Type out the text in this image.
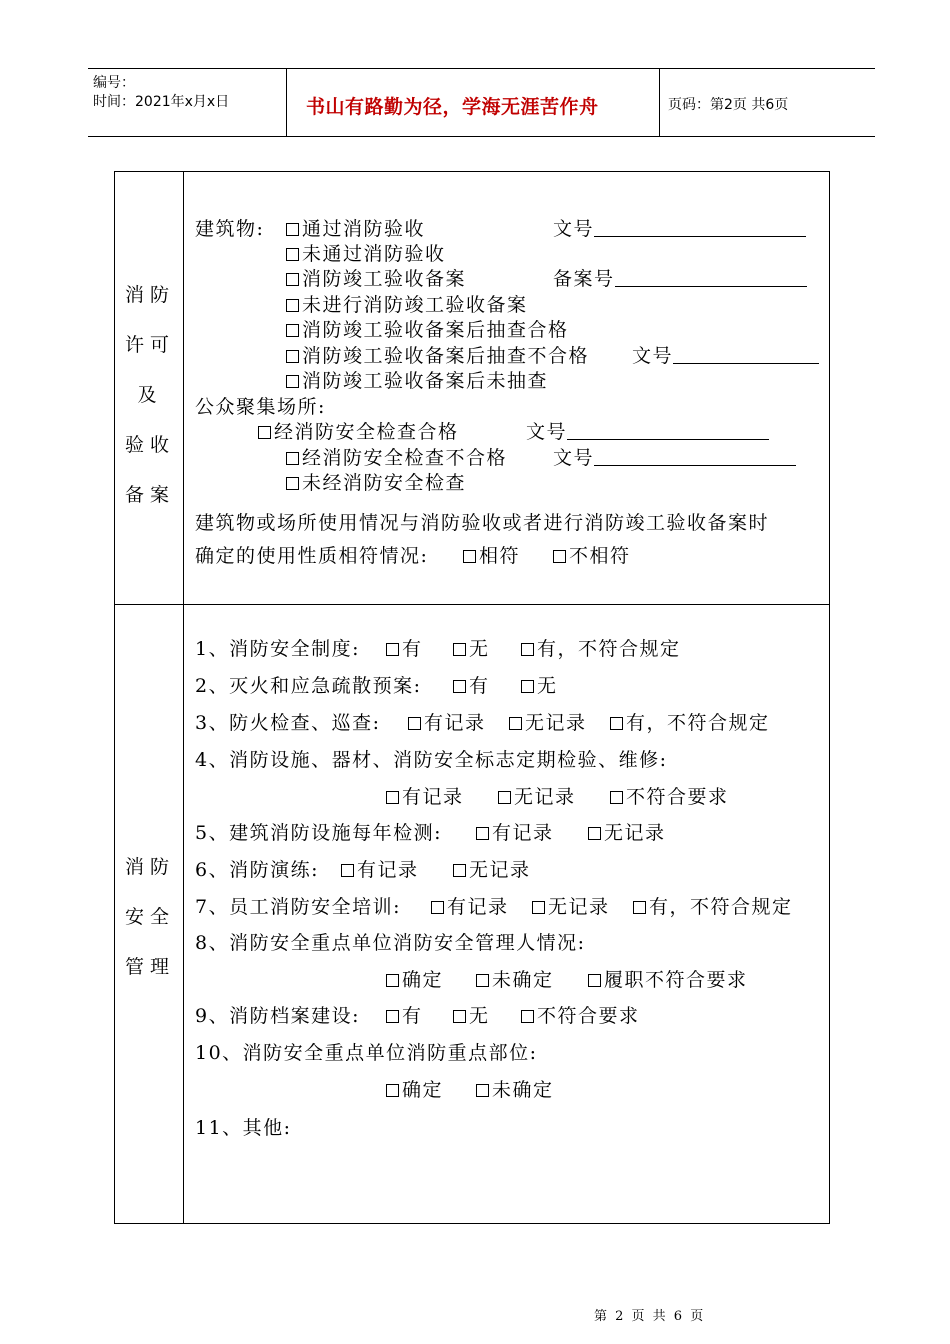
编号：
时间：2021年x月x日	书山有路勤为径，学海无涯苦作舟	页码：第2页 共6页
消防
许可
及
验收
备案
建筑物:	通过消防验收	文号
未通过消防验收
消防竣工验收备案	备案号
未进行消防竣工验收备案
消防竣工验收备案后抽查合格
消防竣工验收备案后抽查不合格 文号
消防竣工验收备案后未抽查
公众聚集场所:
经消防安全检查合格	文号
经消防安全检查不合格 文号
未经消防安全检查
建筑物或场所使用情况与消防验收或者进行消防竣工验收备案时
确定的使用性质相符情况:	相符	不相符
消防
安全
管理
1、消防安全制度:	有	无	有，不符合规定
2、灭火和应急疏散预案:	有	无
3、防火检查、巡查:	有记录	无记录	有，不符合规定
4、消防设施、器材、消防安全标志定期检验、维修:
有记录	无记录	不符合要求
5、建筑消防设施每年检测:	有记录	无记录
6、消防演练:	有记录	无记录
7、员工消防安全培训:	有记录	无记录	有，不符合规定
8、消防安全重点单位消防安全管理人情况:
确定	未确定	履职不符合要求
9、消防档案建设:	有	无	不符合要求
10、消防安全重点单位消防重点部位:
确定	未确定
11、其他:
第 2 页 共 6 页
